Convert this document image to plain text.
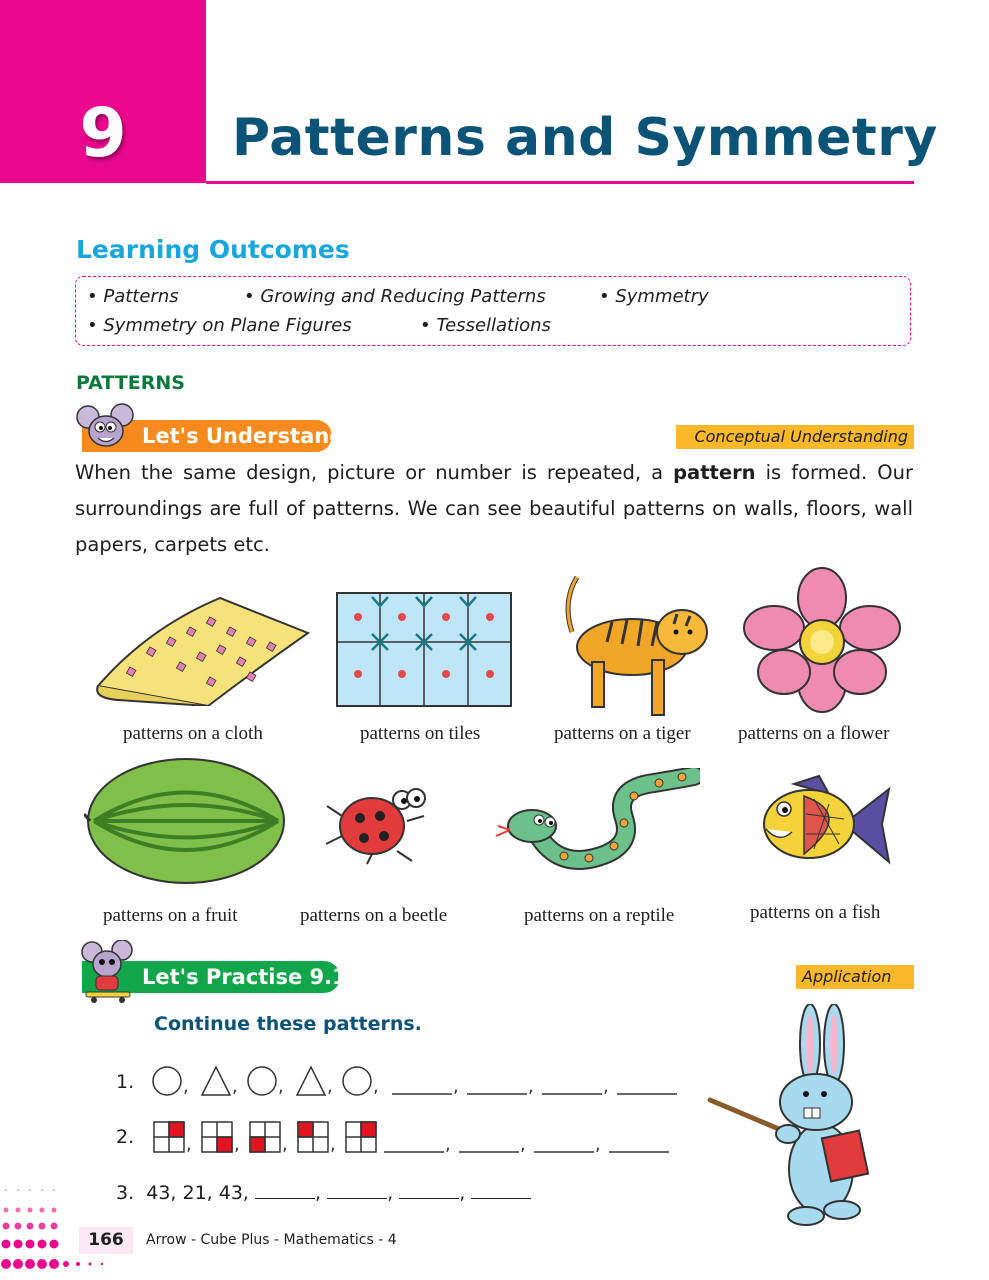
9	Patterns and Symmetry
Learning Outcomes
• Patterns	• Growing and Reducing Patterns	• Symmetry
• Symmetry on Plane Figures	• Tessellations
PATTERNS
Let's Understand	Conceptual Understanding
When the same design, picture or number is repeated, a pattern is formed. Our surroundings are full of patterns. We can see beautiful patterns on walls, floors, wall papers, carpets etc.
patterns on a cloth	patterns on tiles	patterns on a tiger patterns on a flower
patterns on a fruit	patterns on a beetle	patterns on a reptile	patterns on a fish
Let's Practise 9.1	Application
Continue these patterns.
1.	, , , , ,	,	,	,
2.	, , , ,	,	,	,
3. 43, 21, 43,	,	,	,
166	Arrow - Cube Plus - Mathematics - 4
